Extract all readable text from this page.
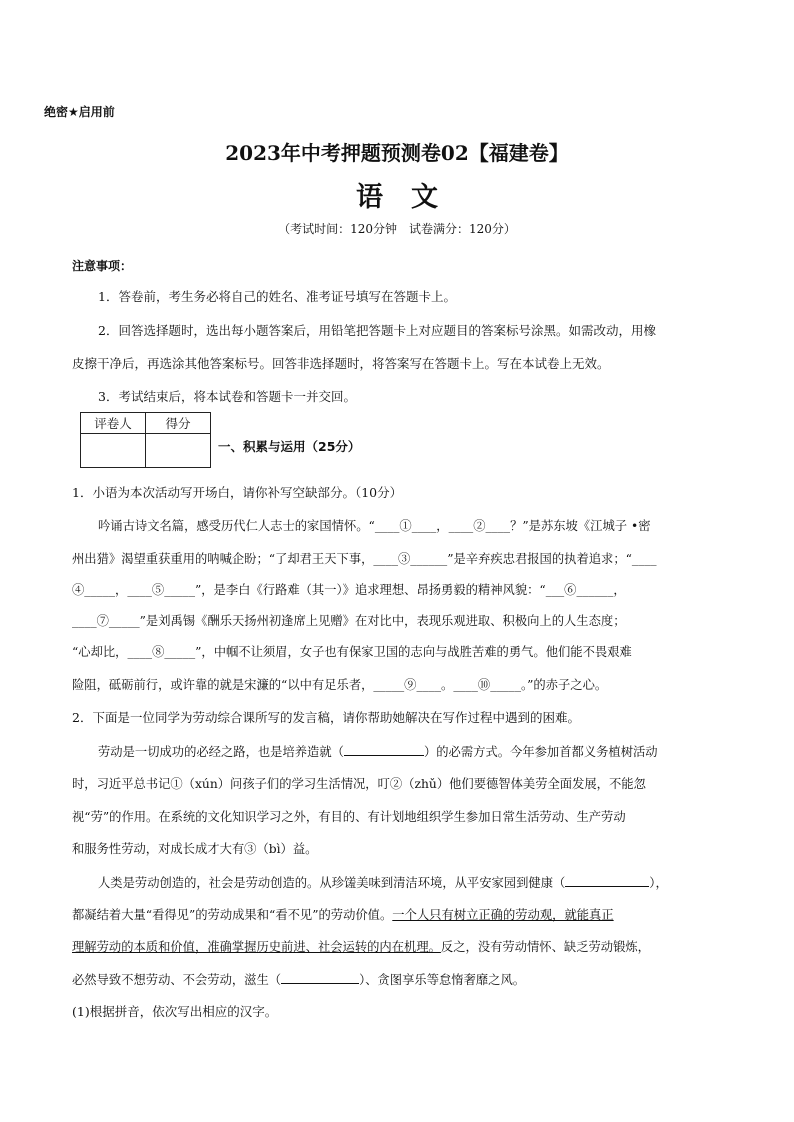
绝密★启用前
2023年中考押题预测卷02【福建卷】
语文
（考试时间：120分钟　试卷满分：120分）
注意事项：
1．答卷前，考生务必将自己的姓名、准考证号填写在答题卡上。
2．回答选择题时，选出每小题答案后，用铅笔把答题卡上对应题目的答案标号涂黑。如需改动，用橡
皮擦干净后，再选涂其他答案标号。回答非选择题时，将答案写在答题卡上。写在本试卷上无效。
3．考试结束后，将本试卷和答题卡一并交回。
评卷人	得分

一、积累与运用（25分）
1．小语为本次活动写开场白，请你补写空缺部分。（10分）
吟诵古诗文名篇，感受历代仁人志士的家国情怀。“____①____，____②____？”是苏东坡《江城子 •密
州出猎》渴望重获重用的呐喊企盼；“了却君王天下事，____③______”是辛弃疾忠君报国的执着追求；“____
④_____，____⑤_____”，是李白《行路难（其一）》追求理想、昂扬勇毅的精神风貌：“___⑥______，
____⑦_____”是刘禹锡《酬乐天扬州初逢席上见赠》在对比中，表现乐观进取、积极向上的人生态度；
“心却比，____⑧_____”，中帼不让须眉，女子也有保家卫国的志向与战胜苦难的勇气。他们能不畏艰难
险阻，砥砺前行，或许靠的就是宋濂的“以中有足乐者，_____⑨____。____⑩_____。”的赤子之心。
2．下面是一位同学为劳动综合课所写的发言稿，请你帮助她解决在写作过程中遇到的困难。
劳动是一切成功的必经之路，也是培养造就（	）的必需方式。今年参加首都义务植树活动
时，习近平总书记①（xún）问孩子们的学习生活情况，叮②（zhǔ）他们要德智体美劳全面发展，不能忽
视“劳”的作用。在系统的文化知识学习之外，有目的、有计划地组织学生参加日常生活劳动、生产劳动
和服务性劳动，对成长成才大有③（bì）益。
人类是劳动创造的，社会是劳动创造的。从珍馐美味到清洁环境，从平安家园到健康（	），
都凝结着大量“看得见”的劳动成果和“看不见”的劳动价值。一个人只有树立正确的劳动观，就能真正
理解劳动的本质和价值，准确掌握历史前进、社会运转的内在机理。反之，没有劳动情怀、缺乏劳动锻炼，
必然导致不想劳动、不会劳动，滋生（	）、贪图享乐等怠惰奢靡之风。
(1)根据拼音，依次写出相应的汉字。
